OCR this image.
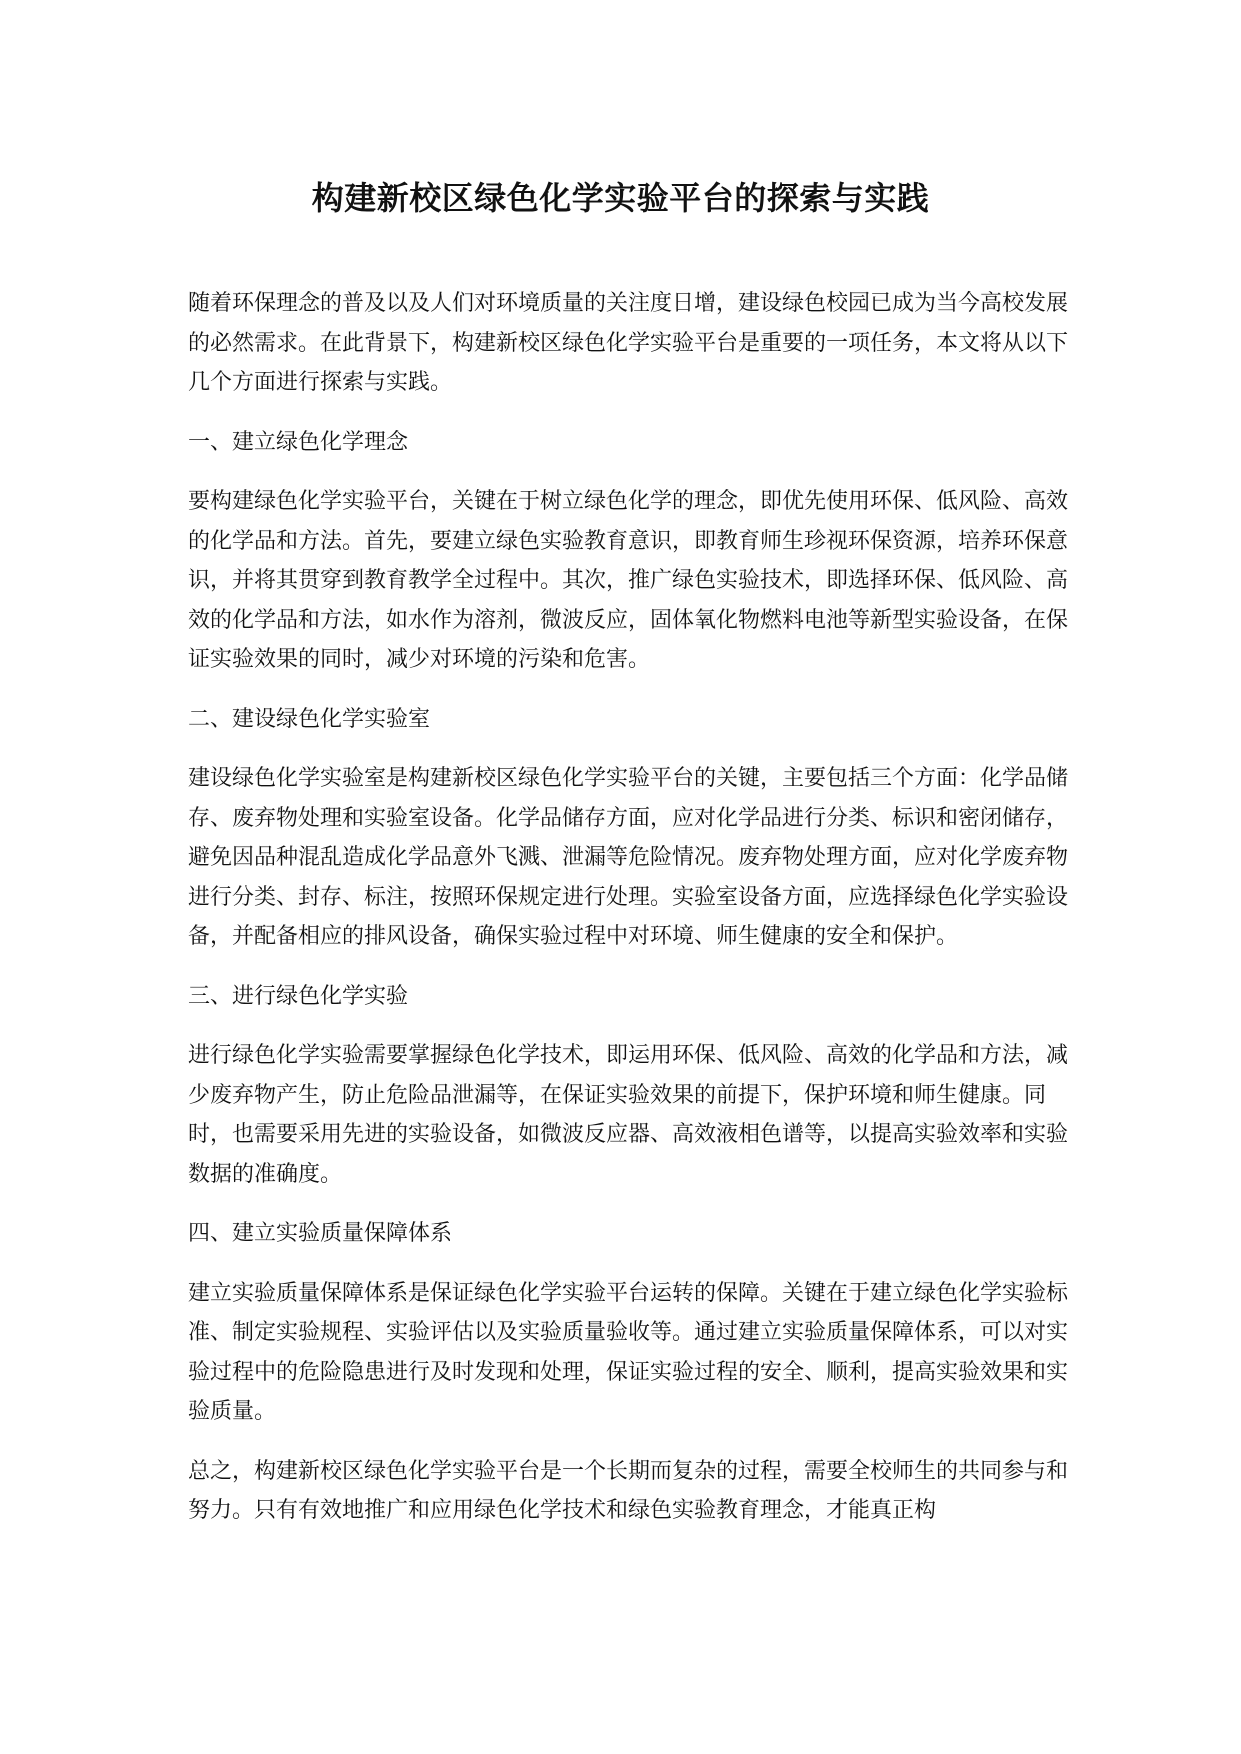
构建新校区绿色化学实验平台的探索与实践

随着环保理念的普及以及人们对环境质量的关注度日增，建设绿色校园已成为当今高校发展的必然需求。在此背景下，构建新校区绿色化学实验平台是重要的一项任务，本文将从以下几个方面进行探索与实践。

一、建立绿色化学理念

要构建绿色化学实验平台，关键在于树立绿色化学的理念，即优先使用环保、低风险、高效的化学品和方法。首先，要建立绿色实验教育意识，即教育师生珍视环保资源，培养环保意识，并将其贯穿到教育教学全过程中。其次，推广绿色实验技术，即选择环保、低风险、高效的化学品和方法，如水作为溶剂，微波反应，固体氧化物燃料电池等新型实验设备，在保证实验效果的同时，减少对环境的污染和危害。

二、建设绿色化学实验室

建设绿色化学实验室是构建新校区绿色化学实验平台的关键，主要包括三个方面：化学品储存、废弃物处理和实验室设备。化学品储存方面，应对化学品进行分类、标识和密闭储存，避免因品种混乱造成化学品意外飞溅、泄漏等危险情况。废弃物处理方面，应对化学废弃物进行分类、封存、标注，按照环保规定进行处理。实验室设备方面，应选择绿色化学实验设备，并配备相应的排风设备，确保实验过程中对环境、师生健康的安全和保护。

三、进行绿色化学实验

进行绿色化学实验需要掌握绿色化学技术，即运用环保、低风险、高效的化学品和方法，减少废弃物产生，防止危险品泄漏等，在保证实验效果的前提下，保护环境和师生健康。同时，也需要采用先进的实验设备，如微波反应器、高效液相色谱等，以提高实验效率和实验数据的准确度。

四、建立实验质量保障体系

建立实验质量保障体系是保证绿色化学实验平台运转的保障。关键在于建立绿色化学实验标准、制定实验规程、实验评估以及实验质量验收等。通过建立实验质量保障体系，可以对实验过程中的危险隐患进行及时发现和处理，保证实验过程的安全、顺利，提高实验效果和实验质量。

总之，构建新校区绿色化学实验平台是一个长期而复杂的过程，需要全校师生的共同参与和努力。只有有效地推广和应用绿色化学技术和绿色实验教育理念，才能真正构
